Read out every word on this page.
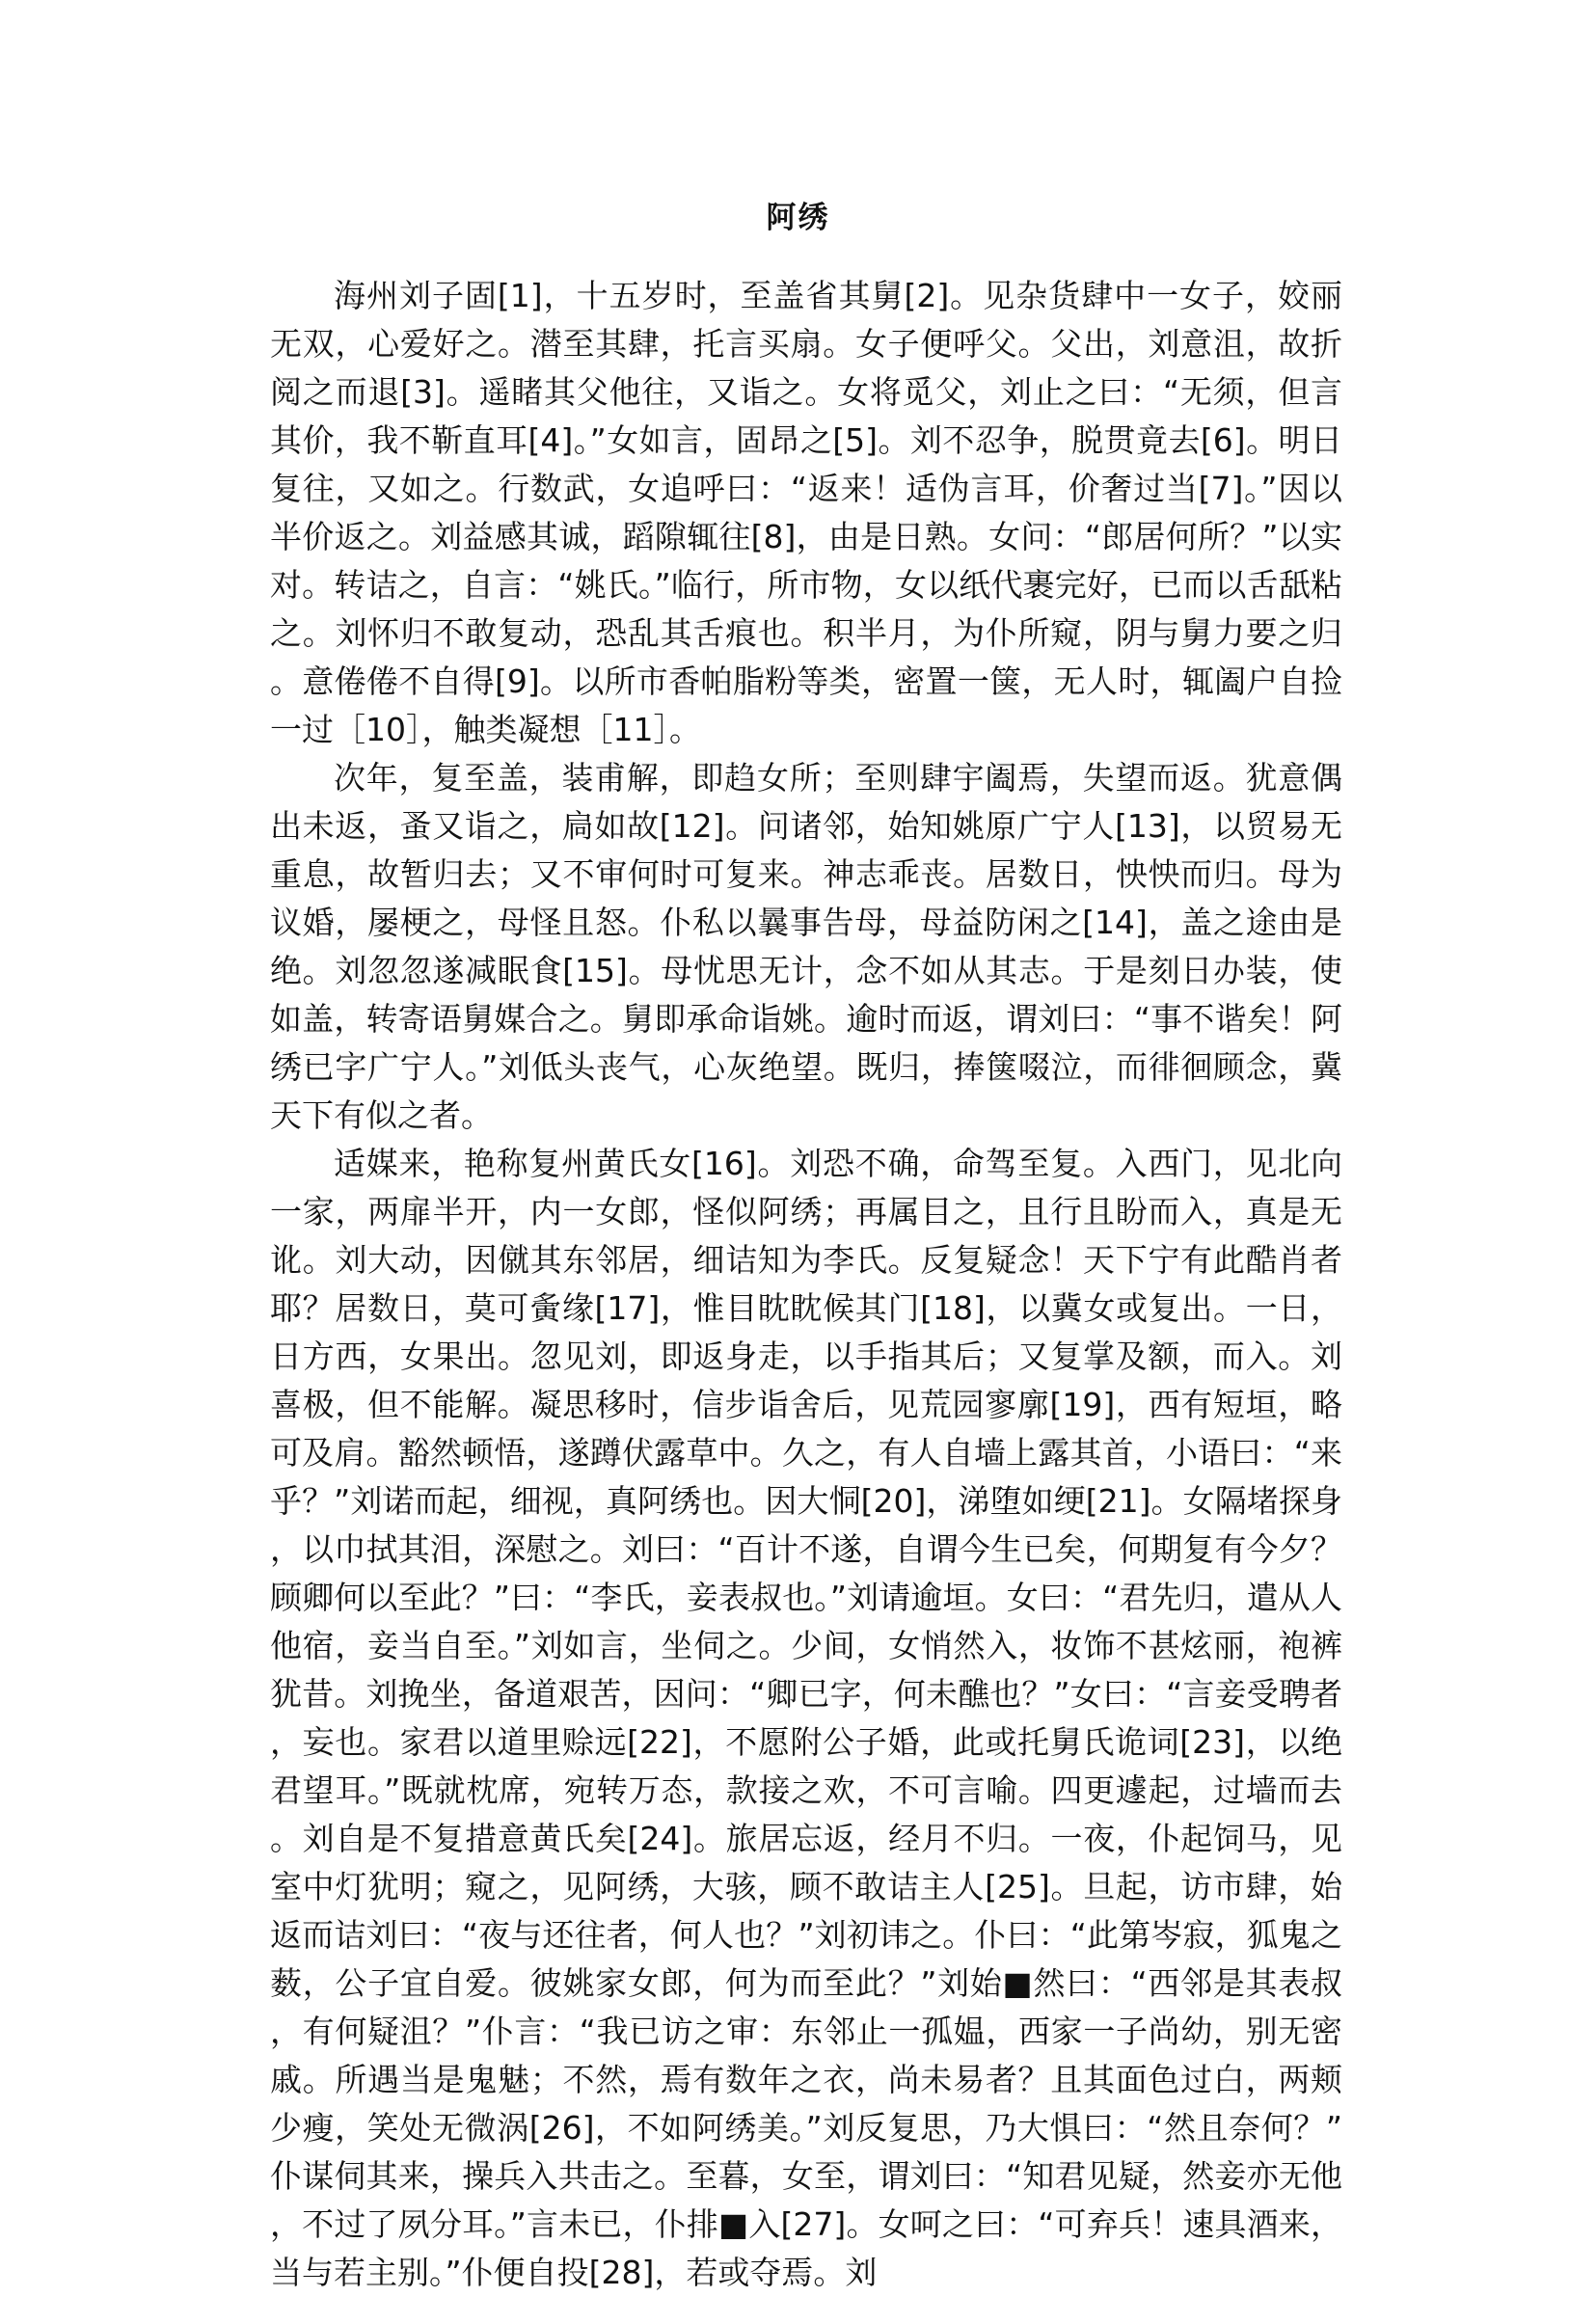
阿绣

海州刘子固[1]，十五岁时，至盖省其舅[2]。见杂货肆中一女子，姣丽无双，心爱好之。潜至其肆，托言买扇。女子便呼父。父出，刘意沮，故折阅之而退[3]。遥睹其父他往，又诣之。女将觅父，刘止之曰：“无须，但言其价，我不靳直耳[4]。”女如言，固昂之[5]。刘不忍争，脱贯竟去[6]。明日复往，又如之。行数武，女追呼曰：“返来！适伪言耳，价奢过当[7]。”因以半价返之。刘益感其诚，蹈隙辄往[8]，由是日熟。女问：“郎居何所？”以实对。转诘之，自言：“姚氏。”临行，所市物，女以纸代裹完好，已而以舌舐粘之。刘怀归不敢复动，恐乱其舌痕也。积半月，为仆所窥，阴与舅力要之归。意倦倦不自得[9]。以所市香帕脂粉等类，密置一箧，无人时，辄阖户自捡一过［10］，触类凝想［11］。

次年，复至盖，装甫解，即趋女所；至则肆宇阖焉，失望而返。犹意偶出未返，蚤又诣之，扃如故[12]。问诸邻，始知姚原广宁人[13]，以贸易无重息，故暂归去；又不审何时可复来。神志乖丧。居数日，怏怏而归。母为议婚，屡梗之，母怪且怒。仆私以曩事告母，母益防闲之[14]，盖之途由是绝。刘忽忽遂减眠食[15]。母忧思无计，念不如从其志。于是刻日办装，使如盖，转寄语舅媒合之。舅即承命诣姚。逾时而返，谓刘曰：“事不谐矣！阿绣已字广宁人。”刘低头丧气，心灰绝望。既归，捧箧啜泣，而徘徊顾念，冀天下有似之者。

适媒来，艳称复州黄氏女[16]。刘恐不确，命驾至复。入西门，见北向一家，两扉半开，内一女郎，怪似阿绣；再属目之，且行且盼而入，真是无讹。刘大动，因僦其东邻居，细诘知为李氏。反复疑念！天下宁有此酷肖者耶？居数日，莫可夤缘[17]，惟目眈眈候其门[18]，以冀女或复出。一日，日方西，女果出。忽见刘，即返身走，以手指其后；又复掌及额，而入。刘喜极，但不能解。凝思移时，信步诣舍后，见荒园寥廓[19]，西有短垣，略可及肩。豁然顿悟，遂蹲伏露草中。久之，有人自墙上露其首，小语曰：“来乎？”刘诺而起，细视，真阿绣也。因大恫[20]，涕堕如绠[21]。女隔堵探身，以巾拭其泪，深慰之。刘曰：“百计不遂，自谓今生已矣，何期复有今夕？顾卿何以至此？”曰：“李氏，妾表叔也。”刘请逾垣。女曰：“君先归，遣从人他宿，妾当自至。”刘如言，坐伺之。少间，女悄然入，妆饰不甚炫丽，袍裤犹昔。刘挽坐，备道艰苦，因问：“卿已字，何未醮也？”女曰：“言妾受聘者，妄也。家君以道里赊远[22]，不愿附公子婚，此或托舅氏诡词[23]，以绝君望耳。”既就枕席，宛转万态，款接之欢，不可言喻。四更遽起，过墙而去。刘自是不复措意黄氏矣[24]。旅居忘返，经月不归。一夜，仆起饲马，见室中灯犹明；窥之，见阿绣，大骇，顾不敢诘主人[25]。旦起，访市肆，始返而诘刘曰：“夜与还往者，何人也？”刘初讳之。仆曰：“此第岑寂，狐鬼之薮，公子宜自爱。彼姚家女郎，何为而至此？”刘始■然曰：“西邻是其表叔，有何疑沮？”仆言：“我已访之审：东邻止一孤媪，西家一子尚幼，别无密戚。所遇当是鬼魅；不然，焉有数年之衣，尚未易者？且其面色过白，两颊少瘦，笑处无微涡[26]，不如阿绣美。”刘反复思，乃大惧曰：“然且奈何？”仆谋伺其来，操兵入共击之。至暮，女至，谓刘曰：“知君见疑，然妾亦无他，不过了夙分耳。”言未已，仆排■入[27]。女呵之曰：“可弃兵！速具酒来，当与若主别。”仆便自投[28]，若或夺焉。刘
